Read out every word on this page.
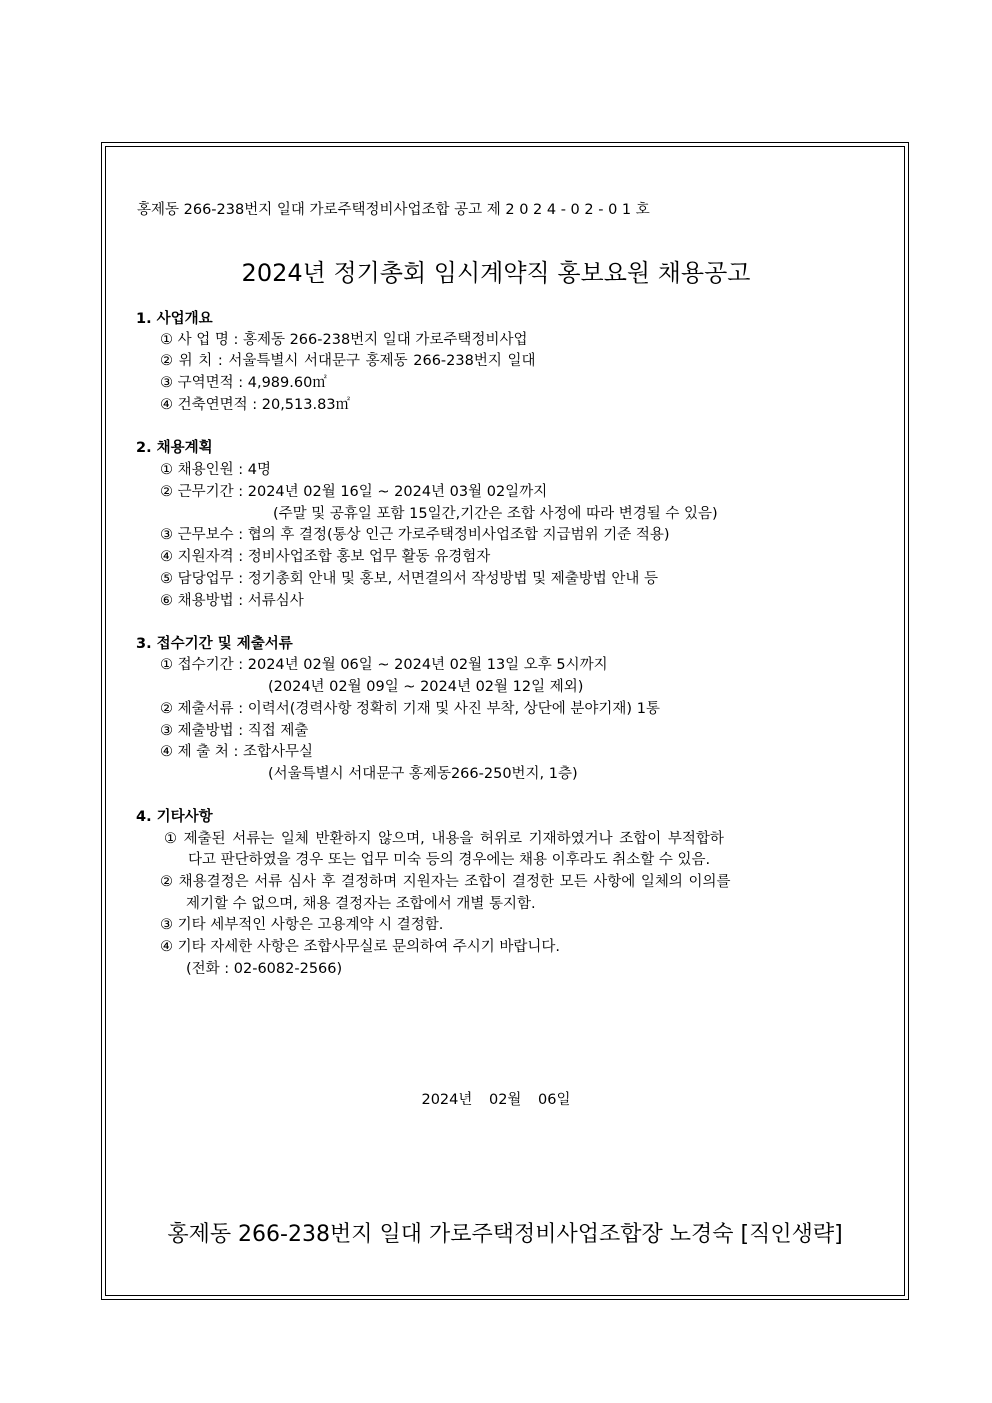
홍제동 266-238번지 일대 가로주택정비사업조합 공고 제 2 0 2 4 - 0 2 - 0 1 호
2024년 정기총회 임시계약직 홍보요원 채용공고
1. 사업개요
① 사 업 명 : 홍제동 266-238번지 일대 가로주택정비사업
② 위 치 : 서울특별시 서대문구 홍제동 266-238번지 일대
③ 구역면적 : 4,989.60㎡
④ 건축연면적 : 20,513.83㎡
2. 채용계획
① 채용인원 : 4명
② 근무기간 : 2024년 02월 16일 ~ 2024년 03월 02일까지
(주말 및 공휴일 포함 15일간,기간은 조합 사정에 따라 변경될 수 있음)
③ 근무보수 : 협의 후 결정(통상 인근 가로주택정비사업조합 지급범위 기준 적용)
④ 지원자격 : 정비사업조합 홍보 업무 활동 유경험자
⑤ 담당업무 : 정기총회 안내 및 홍보, 서면결의서 작성방법 및 제출방법 안내 등
⑥ 채용방법 : 서류심사
3. 접수기간 및 제출서류
① 접수기간 : 2024년 02월 06일 ~ 2024년 02월 13일 오후 5시까지
(2024년 02월 09일 ~ 2024년 02월 12일 제외)
② 제출서류 : 이력서(경력사항 정확히 기재 및 사진 부착, 상단에 분야기재) 1통
③ 제출방법 : 직접 제출
④ 제 출 처 : 조합사무실
(서울특별시 서대문구 홍제동266-250번지, 1층)
4. 기타사항
① 제출된 서류는 일체 반환하지 않으며, 내용을 허위로 기재하였거나 조합이 부적합하
다고 판단하였을 경우 또는 업무 미숙 등의 경우에는 채용 이후라도 취소할 수 있음.
② 채용결정은 서류 심사 후 결정하며 지원자는 조합이 결정한 모든 사항에 일체의 이의를
제기할 수 없으며, 채용 결정자는 조합에서 개별 통지함.
③ 기타 세부적인 사항은 고용계약 시 결정함.
④ 기타 자세한 사항은 조합사무실로 문의하여 주시기 바랍니다.
(전화 : 02-6082-2566)
2024년 02월 06일
홍제동 266-238번지 일대 가로주택정비사업조합장 노경숙 [직인생략]
